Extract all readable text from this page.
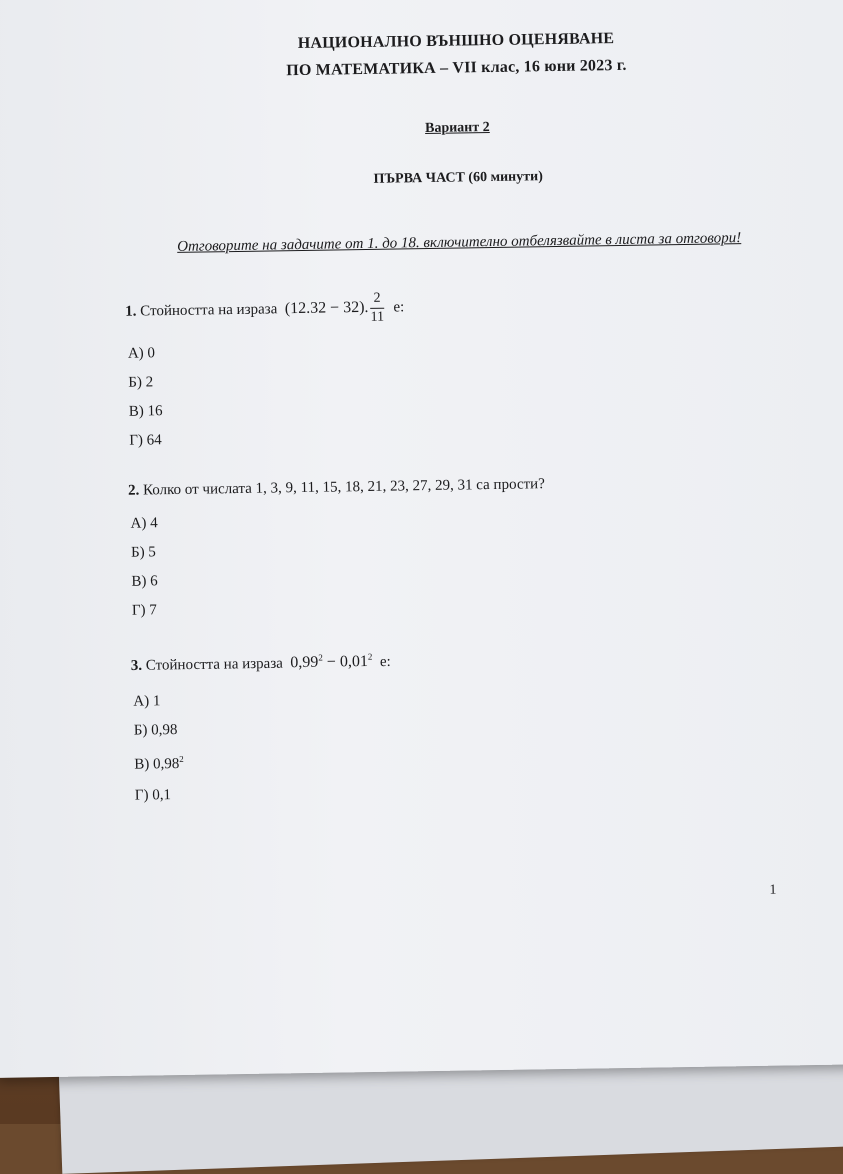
НАЦИОНАЛНО ВЪНШНО ОЦЕНЯВАНЕ
ПО МАТЕМАТИКА – VII клас, 16 юни 2023 г.
Вариант 2
ПЪРВА ЧАСТ (60 минути)
Отговорите на задачите от 1. до 18. включително отбелязвайте в листа за отговори!
1. Стойността на израза (12.32 − 32). $\frac{2}{11} е$:
А) 0
Б) 2
В) 16
Г) 64
2. Колко от числата 1, 3, 9, 11, 15, 18, 21, 23, 27, 29, 31 са прости?
А) 4
Б) 5
В) 6
Г) 7
3. Стойността на израза $0,99^2 - 0,01^2$ е:
А) 1
Б) 0,98
В) 0,98$^2$
Г) 0,1
1
